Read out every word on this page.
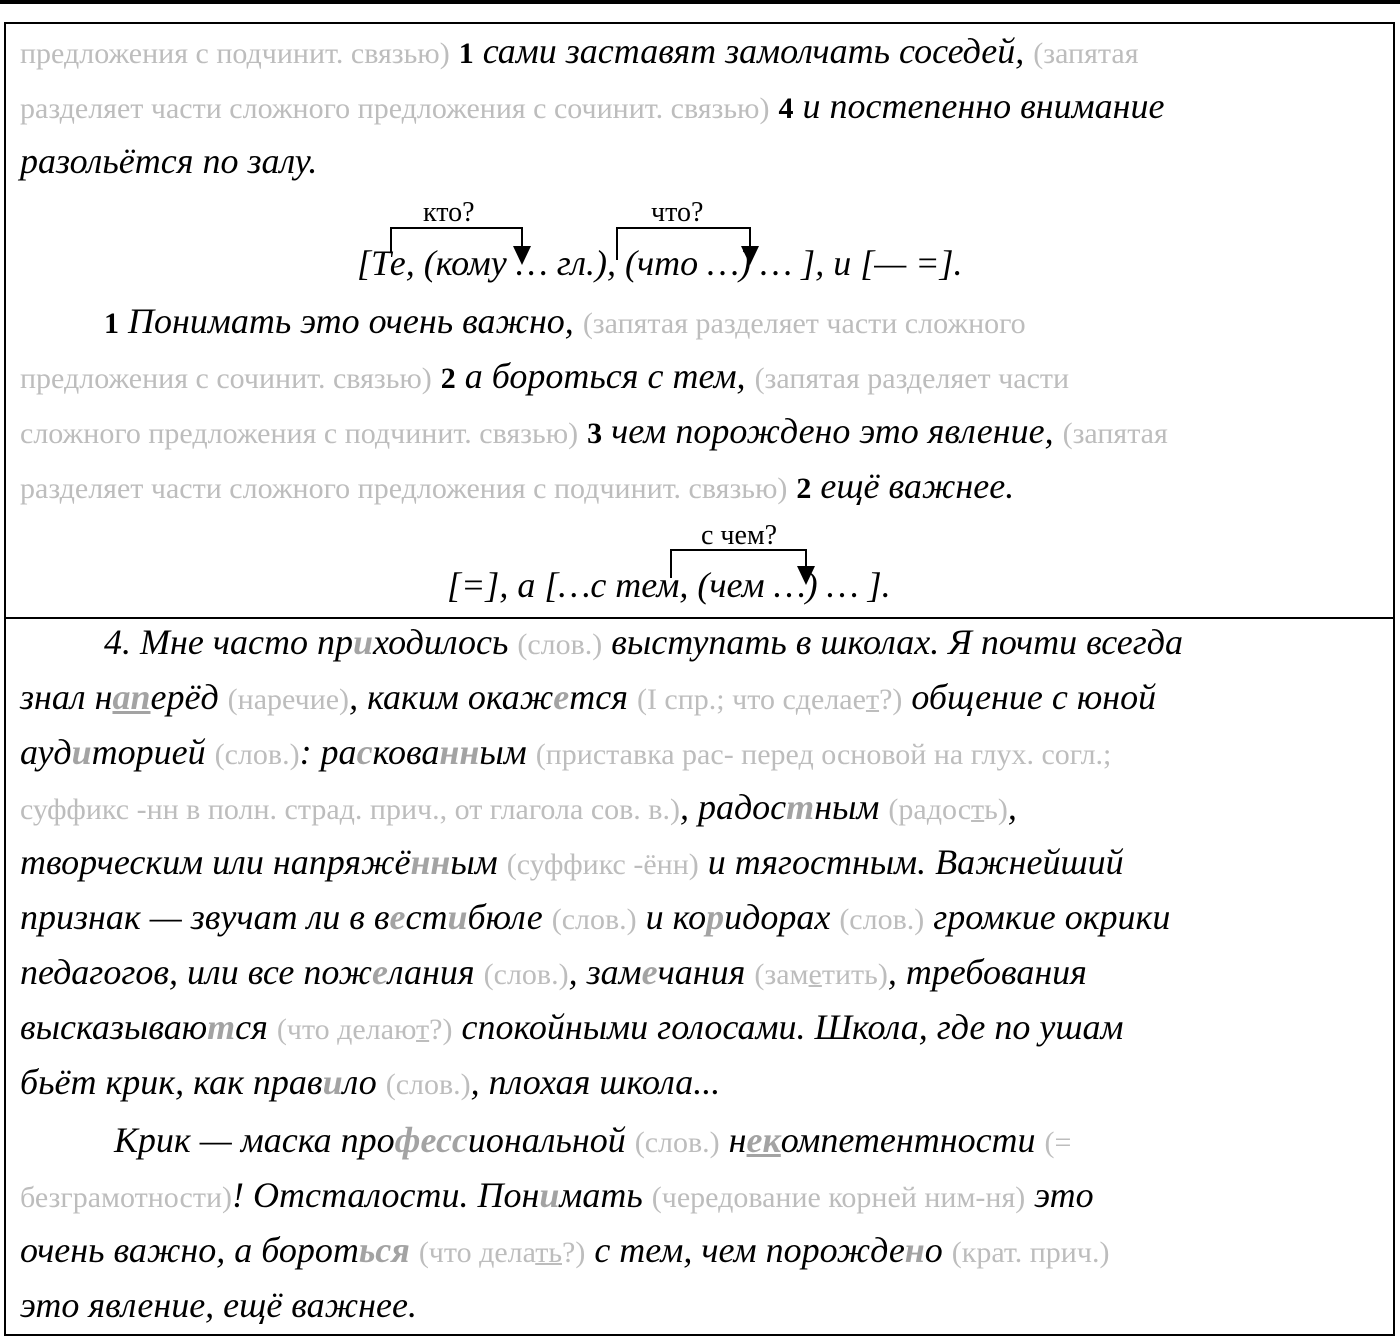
предложения с подчинит. связью) 1 сами заставят замолчать соседей, (запятая
разделяет части сложного предложения с сочинит. связью) 4 и постепенно внимание
разольётся по залу.
кто?	что?
[Те, (кому … гл.), (что …) … ], и [— =].
1 Понимать это очень важно, (запятая разделяет части сложного
предложения с сочинит. связью) 2 а бороться с тем, (запятая разделяет части
сложного предложения с подчинит. связью) 3 чем порождено это явление, (запятая
разделяет части сложного предложения с подчинит. связью) 2 ещё важнее.
с чем?
[=], а […с тем, (чем …) … ].
4. Мне часто приходилось (слов.) выступать в школах. Я почти всегда
знал наперёд (наречие), каким окажется (I спр.; что сделает?) общение с юной
аудиторией (слов.): раскованным (приставка рас- перед основой на глух. согл.;
суффикс -нн в полн. страд. прич., от глагола сов. в.), радостным (радость),
творческим или напряжённым (суффикс -ённ) и тягостным. Важнейший
признак — звучат ли в вестибюле (слов.) и коридорах (слов.) громкие окрики
педагогов, или все пожелания (слов.), замечания (заметить), требования
высказываются (что делают?) спокойными голосами. Школа, где по ушам
бьёт крик, как правило (слов.), плохая школа...
Крик — маска профессиональной (слов.) некомпетентности (=
безграмотности)! Отсталости. Понимать (чередование корней ним-ня) это
очень важно, а бороться (что делать?) с тем, чем порождено (крат. прич.)
это явление, ещё важнее.
